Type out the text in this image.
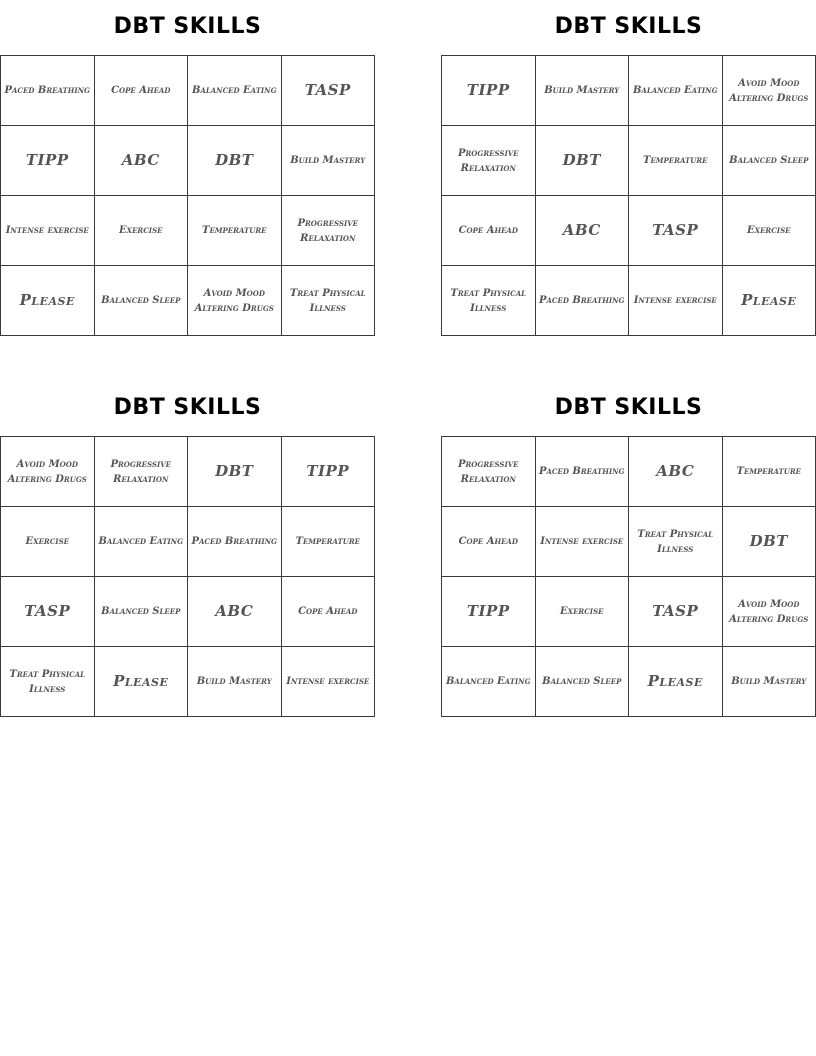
DBT SKILLS
Paced Breathing	Cope Ahead	Balanced Eating	TASP
TIPP	ABC	DBT	Build Mastery
Intense exercise	Exercise	Temperature	Progressive Relaxation
Please	Balanced Sleep	Avoid Mood Altering Drugs	Treat Physical Illness
DBT SKILLS
TIPP	Build Mastery	Balanced Eating	Avoid Mood Altering Drugs
Progressive Relaxation	DBT	Temperature	Balanced Sleep
Cope Ahead	ABC	TASP	Exercise
Treat Physical Illness	Paced Breathing	Intense exercise	Please
DBT SKILLS
Avoid Mood Altering Drugs	Progressive Relaxation	DBT	TIPP
Exercise	Balanced Eating	Paced Breathing	Temperature
TASP	Balanced Sleep	ABC	Cope Ahead
Treat Physical Illness	Please	Build Mastery	Intense exercise
DBT SKILLS
Progressive Relaxation	Paced Breathing	ABC	Temperature
Cope Ahead	Intense exercise	Treat Physical Illness	DBT
TIPP	Exercise	TASP	Avoid Mood Altering Drugs
Balanced Eating	Balanced Sleep	Please	Build Mastery
